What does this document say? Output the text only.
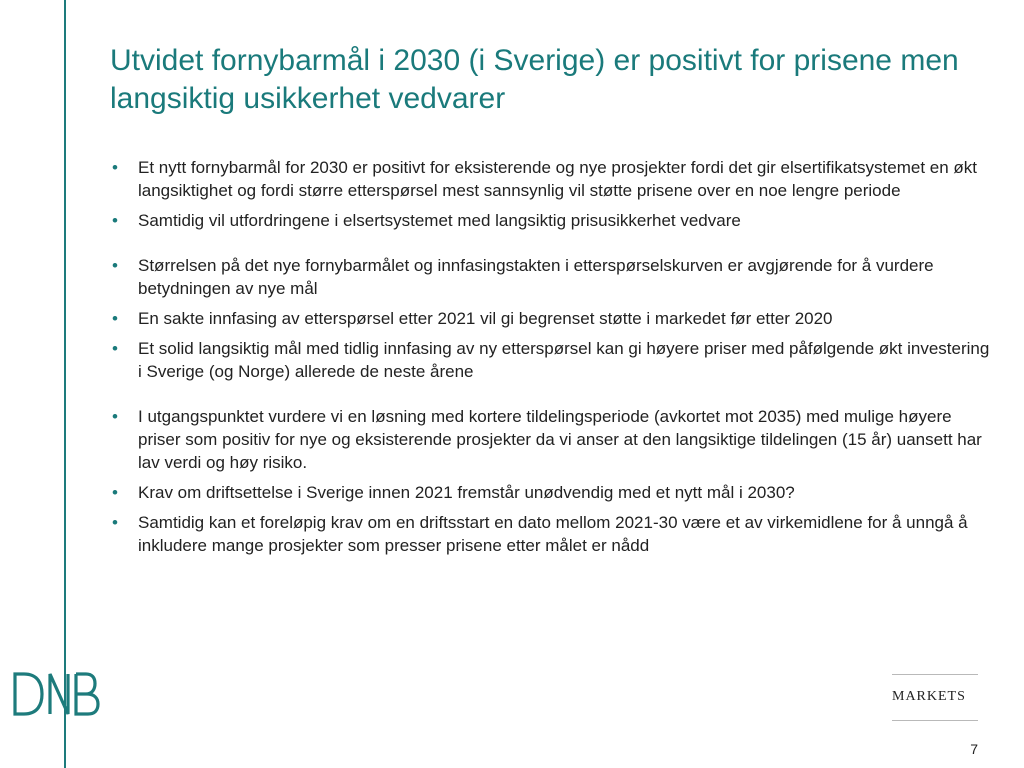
Utvidet fornybarmål i 2030 (i Sverige) er positivt for prisene men langsiktig usikkerhet vedvarer
• Et nytt fornybarmål for 2030 er positivt for eksisterende og nye prosjekter fordi det gir elsertifikatsystemet en økt langsiktighet og fordi større etterspørsel mest sannsynlig vil støtte prisene over en noe lengre periode
• Samtidig vil utfordringene i elsertsystemet med langsiktig prisusikkerhet vedvare
• Størrelsen på det nye fornybarmålet og innfasingstakten i etterspørselskurven er avgjørende for å vurdere betydningen av nye mål
• En sakte innfasing av etterspørsel etter 2021 vil gi begrenset støtte i markedet før etter 2020
• Et solid langsiktig mål med tidlig innfasing av ny etterspørsel kan gi høyere priser med påfølgende økt investering i Sverige (og Norge) allerede de neste årene
• I utgangspunktet vurdere vi en løsning med kortere tildelingsperiode (avkortet mot 2035) med mulige høyere priser som positiv for nye og eksisterende prosjekter da vi anser at den langsiktige tildelingen (15 år) uansett har lav verdi og høy risiko.
• Krav om driftsettelse i Sverige innen 2021 fremstår unødvendig med et nytt mål i 2030?
• Samtidig kan et foreløpig krav om en driftsstart en dato mellom 2021-30 være et av virkemidlene for å unngå å inkludere mange prosjekter som presser prisene etter målet er nådd
MARKETS
7
